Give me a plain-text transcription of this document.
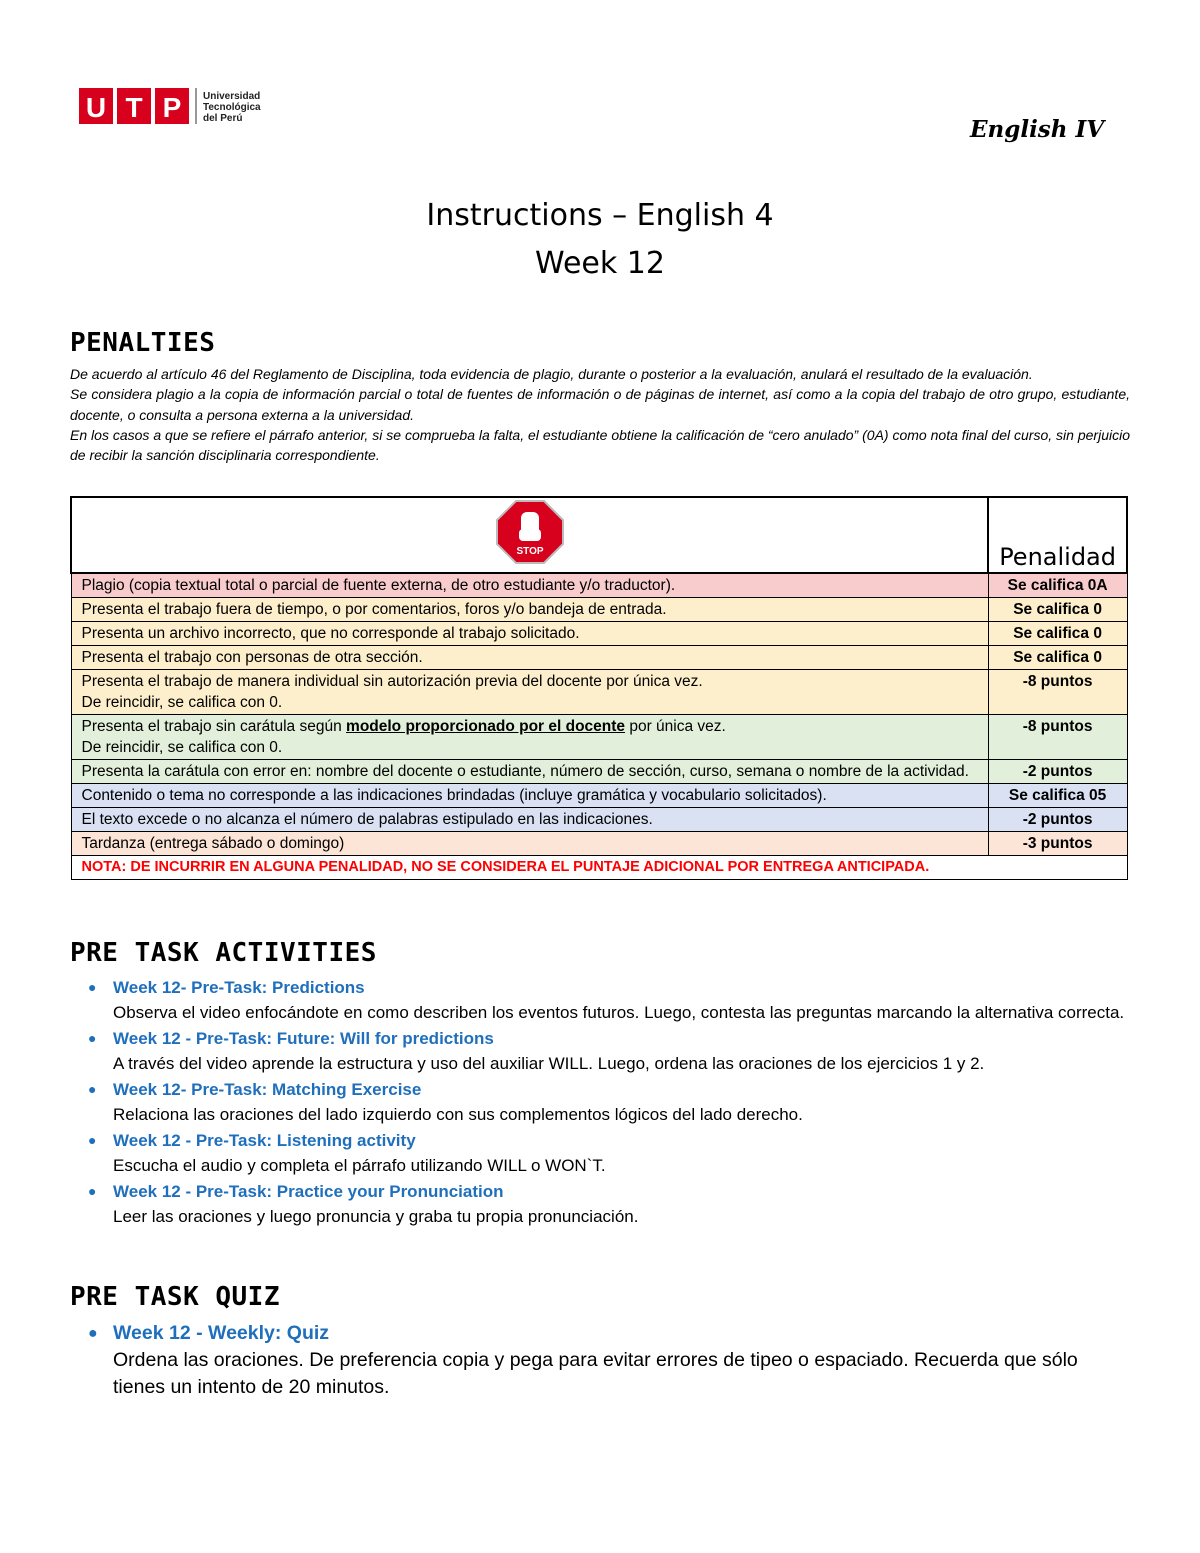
U T P Universidad
Tecnológica
del Perú	English IV
Instructions – English 4
Week 12
PENALTIES

De acuerdo al artículo 46 del Reglamento de Disciplina, toda evidencia de plagio, durante o posterior a la evaluación, anulará el resultado de la evaluación.

Se considera plagio a la copia de información parcial o total de fuentes de información o de páginas de internet, así como a la copia del trabajo de otro grupo, estudiante, docente, o consulta a persona externa a la universidad.

En los casos a que se refiere el párrafo anterior, si se comprueba la falta, el estudiante obtiene la calificación de “cero anulado” (0A) como nota final del curso, sin perjuicio de recibir la sanción disciplinaria correspondiente.

STOP	Penalidad
Plagio (copia textual total o parcial de fuente externa, de otro estudiante y/o traductor).	Se califica 0A
Presenta el trabajo fuera de tiempo, o por comentarios, foros y/o bandeja de entrada.	Se califica 0
Presenta un archivo incorrecto, que no corresponde al trabajo solicitado.	Se califica 0
Presenta el trabajo con personas de otra sección.	Se califica 0
Presenta el trabajo de manera individual sin autorización previa del docente por única vez.
De reincidir, se califica con 0.	-8 puntos
Presenta el trabajo sin carátula según modelo proporcionado por el docente por única vez.
De reincidir, se califica con 0.	-8 puntos
Presenta la carátula con error en: nombre del docente o estudiante, número de sección, curso, semana o nombre de la actividad.	-2 puntos
Contenido o tema no corresponde a las indicaciones brindadas (incluye gramática y vocabulario solicitados).	Se califica 05
El texto excede o no alcanza el número de palabras estipulado en las indicaciones.	-2 puntos
Tardanza (entrega sábado o domingo)	-3 puntos
NOTA: DE INCURRIR EN ALGUNA PENALIDAD, NO SE CONSIDERA EL PUNTAJE ADICIONAL POR ENTREGA ANTICIPADA.	
PRE TASK ACTIVITIES
● Week 12- Pre-Task: Predictions
Observa el video enfocándote en como describen los eventos futuros. Luego, contesta las preguntas marcando la alternativa correcta.
● Week 12 - Pre-Task: Future: Will for predictions
A través del video aprende la estructura y uso del auxiliar WILL. Luego, ordena las oraciones de los ejercicios 1 y 2.
● Week 12- Pre-Task: Matching Exercise
Relaciona las oraciones del lado izquierdo con sus complementos lógicos del lado derecho.
● Week 12 - Pre-Task: Listening activity
Escucha el audio y completa el párrafo utilizando WILL o WON`T.
● Week 12 - Pre-Task: Practice your Pronunciation
Leer las oraciones y luego pronuncia y graba tu propia pronunciación.
PRE TASK QUIZ
● Week 12 - Weekly: Quiz
Ordena las oraciones. De preferencia copia y pega para evitar errores de tipeo o espaciado. Recuerda que sólo tienes un intento de 20 minutos.
